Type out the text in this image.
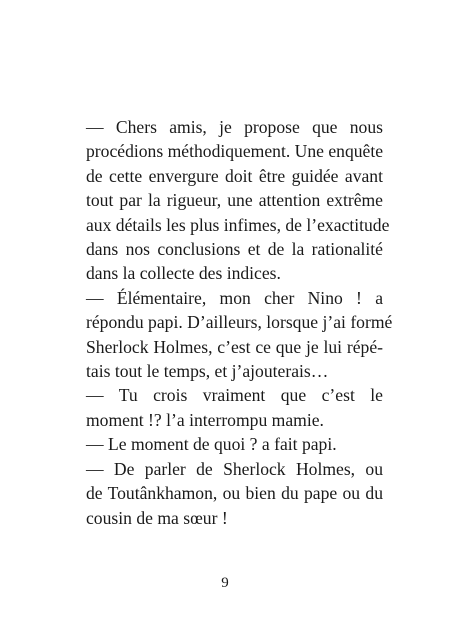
— Chers amis, je propose que nous
procédions méthodiquement. Une enquête
de cette envergure doit être guidée avant
tout par la rigueur, une attention extrême
aux détails les plus infimes, de l’exactitude
dans nos conclusions et de la rationalité
dans la collecte des indices.

— Élémentaire, mon cher Nino ! a
répondu papi. D’ailleurs, lorsque j’ai formé
Sherlock Holmes, c’est ce que je lui répé-
tais tout le temps, et j’ajouterais…

— Tu crois vraiment que c’est le
moment !? l’a interrompu mamie.

— Le moment de quoi ? a fait papi.

— De parler de Sherlock Holmes, ou
de Toutânkhamon, ou bien du pape ou du
cousin de ma sœur !

9
